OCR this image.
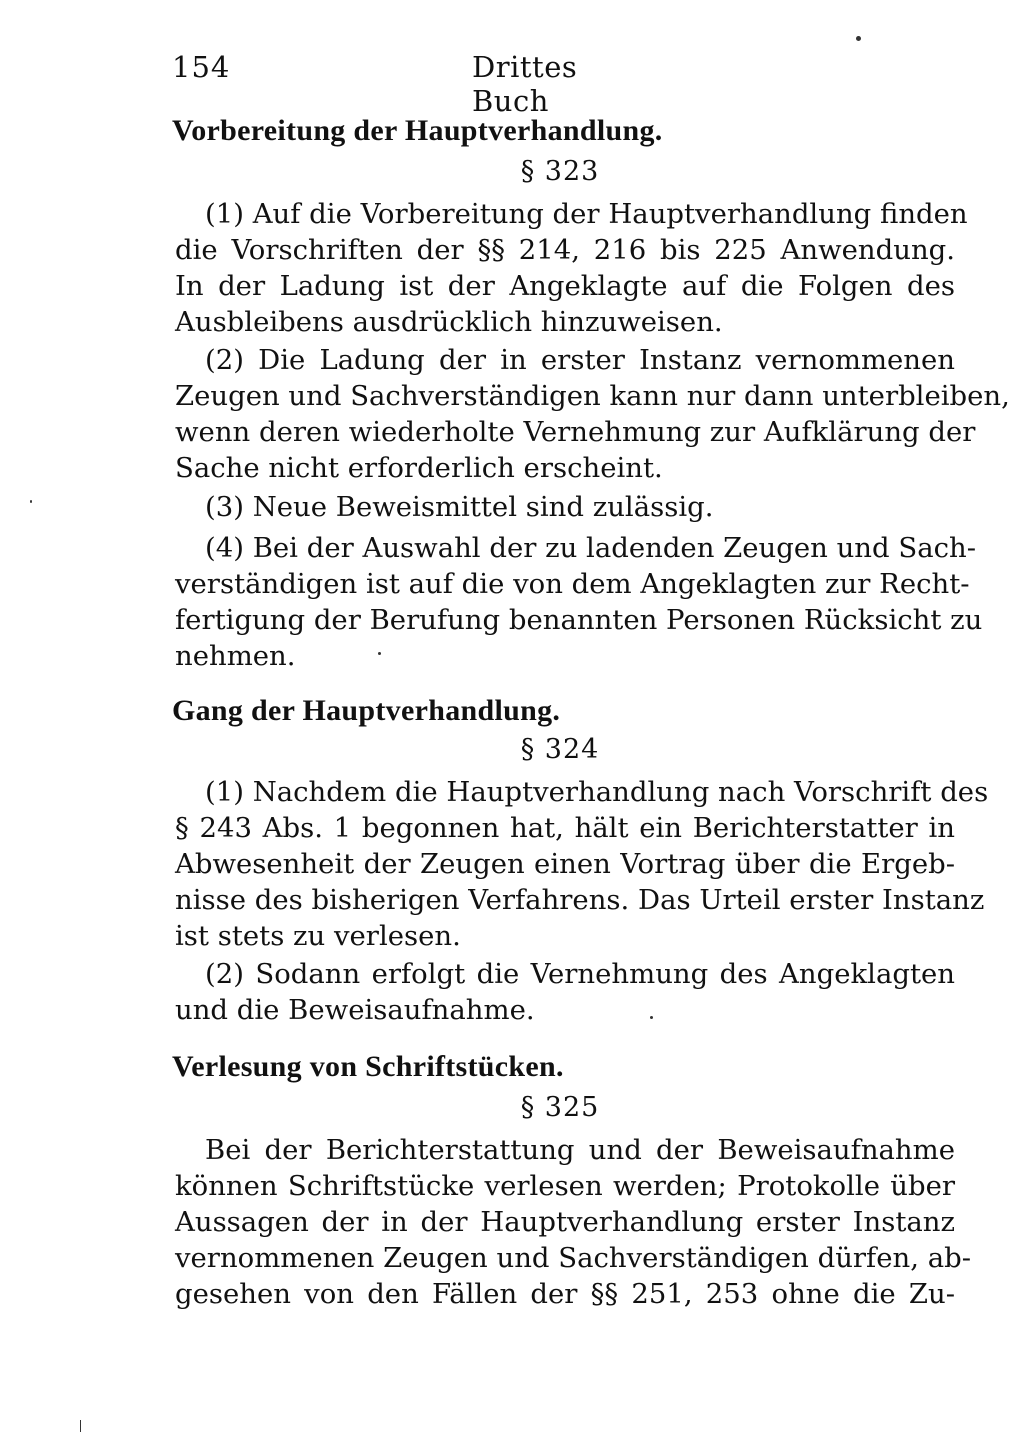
154	Drittes Buch
Vorbereitung der Hauptverhandlung.
§ 323
(1) Auf die Vorbereitung der Hauptverhandlung finden
die Vorschriften der §§ 214, 216 bis 225 Anwendung.
In der Ladung ist der Angeklagte auf die Folgen des
Ausbleibens ausdrücklich hinzuweisen.
(2) Die Ladung der in erster Instanz vernommenen
Zeugen und Sachverständigen kann nur dann unterbleiben,
wenn deren wiederholte Vernehmung zur Aufklärung der
Sache nicht erforderlich erscheint.
(3) Neue Beweismittel sind zulässig.
(4) Bei der Auswahl der zu ladenden Zeugen und Sach-
verständigen ist auf die von dem Angeklagten zur Recht-
fertigung der Berufung benannten Personen Rücksicht zu
nehmen.
Gang der Hauptverhandlung.
§ 324
(1) Nachdem die Hauptverhandlung nach Vorschrift des
§ 243 Abs. 1 begonnen hat, hält ein Berichterstatter in
Abwesenheit der Zeugen einen Vortrag über die Ergeb-
nisse des bisherigen Verfahrens. Das Urteil erster Instanz
ist stets zu verlesen.
(2) Sodann erfolgt die Vernehmung des Angeklagten
und die Beweisaufnahme.
Verlesung von Schriftstücken.
§ 325
Bei der Berichterstattung und der Beweisaufnahme
können Schriftstücke verlesen werden; Protokolle über
Aussagen der in der Hauptverhandlung erster Instanz
vernommenen Zeugen und Sachverständigen dürfen, ab-
gesehen von den Fällen der §§ 251, 253 ohne die Zu-
